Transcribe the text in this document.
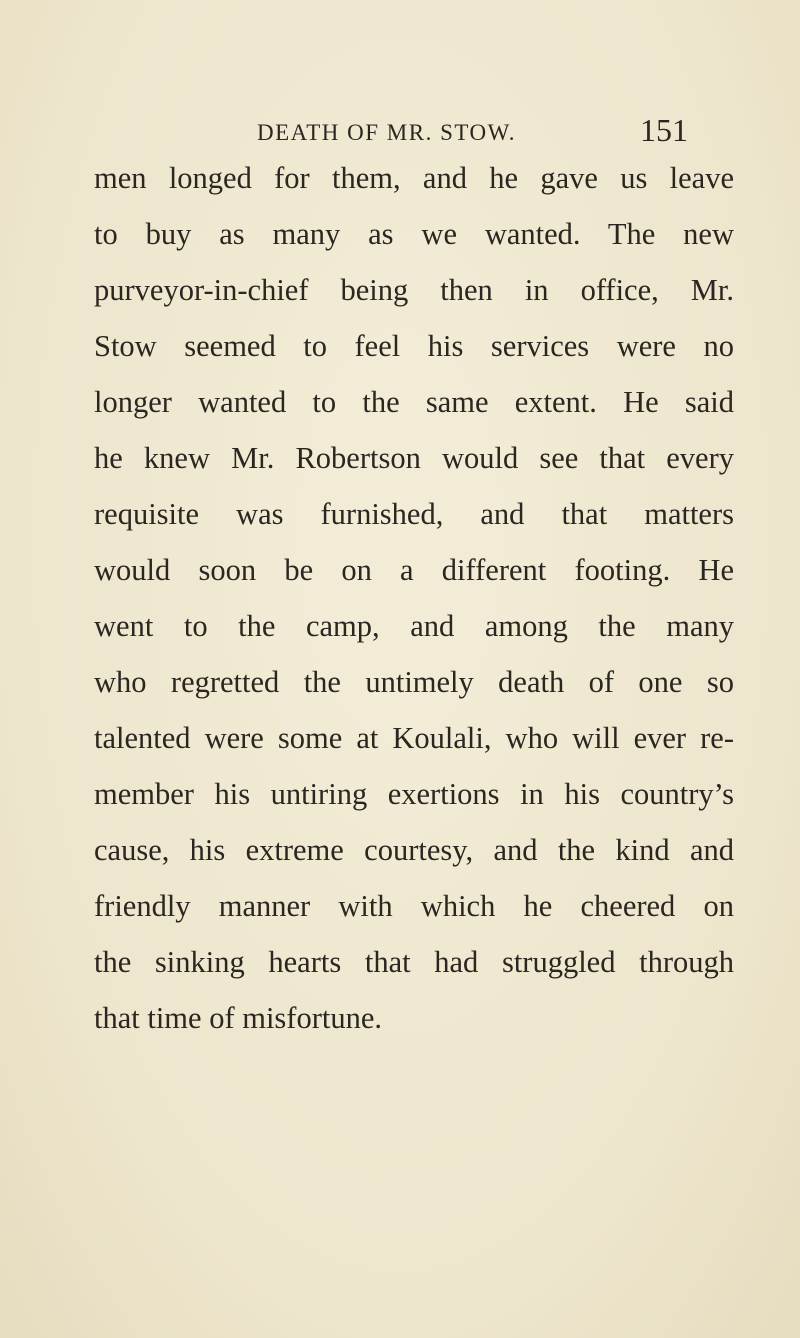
DEATH OF MR. STOW.	151
men longed for them, and he gave us leave
to buy as many as we wanted. The new
purveyor-in-chief being then in office, Mr.
Stow seemed to feel his services were no
longer wanted to the same extent. He said
he knew Mr. Robertson would see that every
requisite was furnished, and that matters
would soon be on a different footing. He
went to the camp, and among the many
who regretted the untimely death of one so
talented were some at Koulali, who will ever re-
member his untiring exertions in his country’s
cause, his extreme courtesy, and the kind and
friendly manner with which he cheered on
the sinking hearts that had struggled through
that time of misfortune.
